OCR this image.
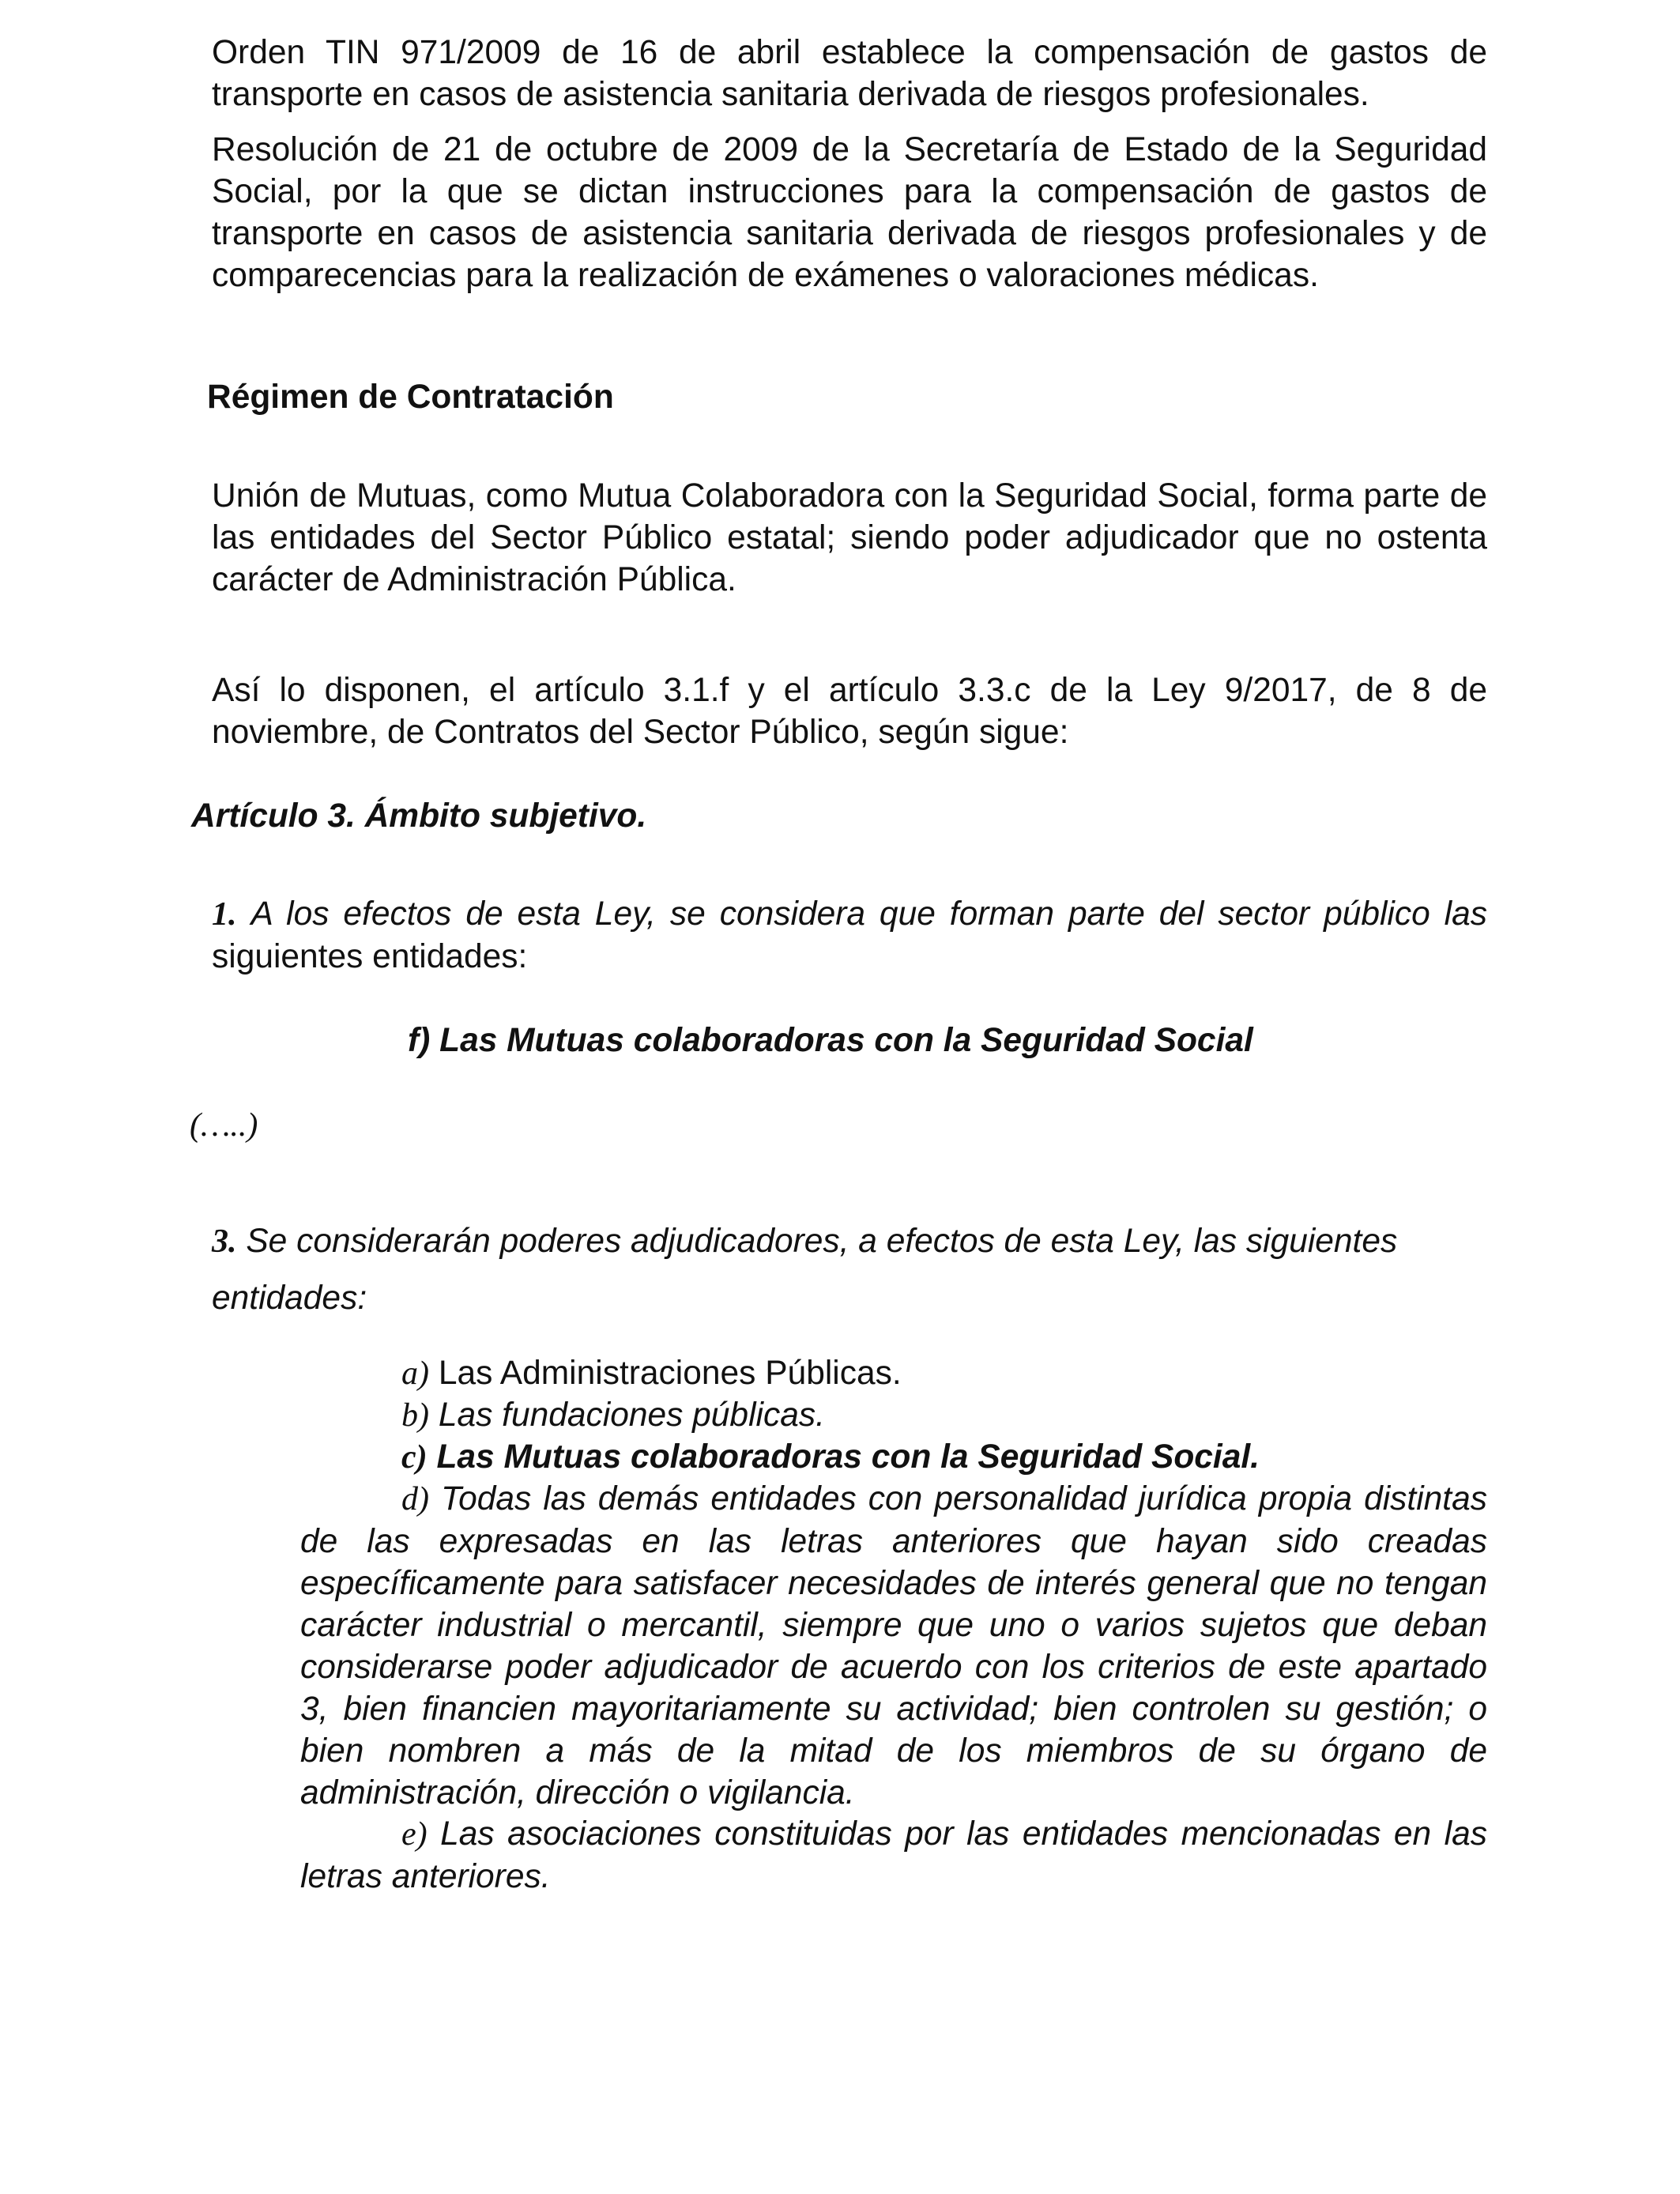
Orden TIN 971/2009 de 16 de abril establece la compensación de gastos de transporte en casos de asistencia sanitaria derivada de riesgos profesionales.

Resolución de 21 de octubre de 2009 de la Secretaría de Estado de la Seguridad Social, por la que se dictan instrucciones para la compensación de gastos de transporte en casos de asistencia sanitaria derivada de riesgos profesionales y de comparecencias para la realización de exámenes o valoraciones médicas.

Régimen de Contratación

Unión de Mutuas, como Mutua Colaboradora con la Seguridad Social, forma parte de las entidades del Sector Público estatal; siendo poder adjudicador que no ostenta carácter de Administración Pública.

Así lo disponen, el artículo 3.1.f y el artículo 3.3.c de la Ley 9/2017, de 8 de noviembre, de Contratos del Sector Público, según sigue:

Artículo 3. Ámbito subjetivo.

1. A los efectos de esta Ley, se considera que forman parte del sector público las siguientes entidades:

f) Las Mutuas colaboradoras con la Seguridad Social

(…..)

3. Se considerarán poderes adjudicadores, a efectos de esta Ley, las siguientes entidades:

a) Las Administraciones Públicas.

b) Las fundaciones públicas.

c) Las Mutuas colaboradoras con la Seguridad Social.

d) Todas las demás entidades con personalidad jurídica propia distintas de las expresadas en las letras anteriores que hayan sido creadas específicamente para satisfacer necesidades de interés general que no tengan carácter industrial o mercantil, siempre que uno o varios sujetos que deban considerarse poder adjudicador de acuerdo con los criterios de este apartado 3, bien financien mayoritariamente su actividad; bien controlen su gestión; o bien nombren a más de la mitad de los miembros de su órgano de administración, dirección o vigilancia.

e) Las asociaciones constituidas por las entidades mencionadas en las letras anteriores.
